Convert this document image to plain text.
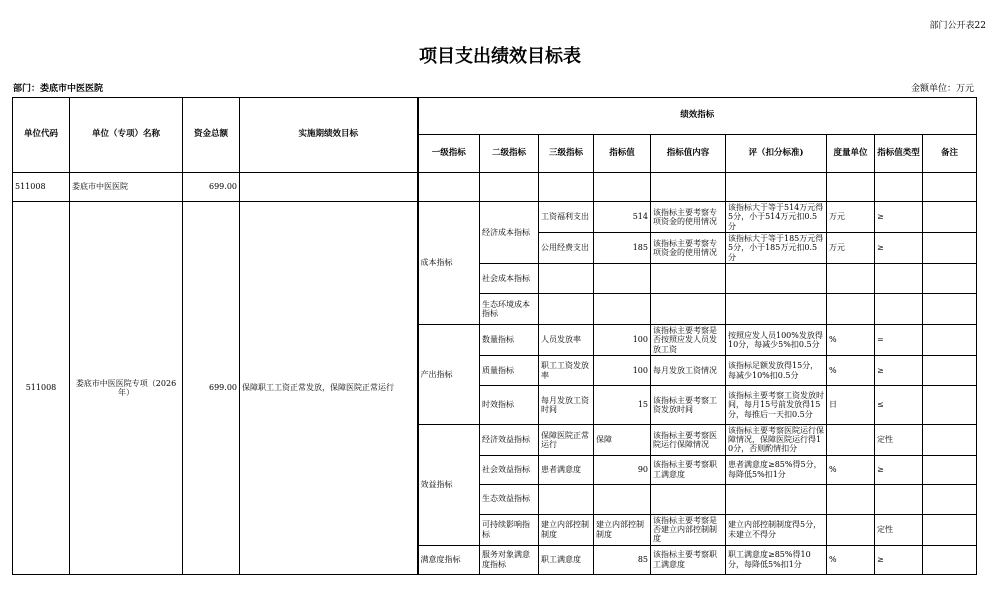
部门公开表22
项目支出绩效目标表
部门：娄底市中医医院	金额单位：万元
单位代码	单位（专项）名称	资金总额	实施期绩效目标	绩效指标								
				一级指标	二级指标	三级指标	指标值	指标值内容	评（扣分标准)	度量单位	指标值类型	备注
511008	娄底市中医医院	699.00										
511008	娄底市中医医院专项（2026年）	699.00	保障职工工资正常发放，保障医院正常运行	成本指标	经济成本指标	工资福利支出	514	该指标主要考察专项资金的使用情况	该指标大于等于514万元得5分，小于514万元扣0.5分	万元	≥	
						公用经费支出	185	该指标主要考察专项资金的使用情况	该指标大于等于185万元得5分，小于185万元扣0.5分	万元	≥	
					社会成本指标							
					生态环境成本指标							
				产出指标	数量指标	人员发放率	100	该指标主要考察是否按照应发人员发放工资	按照应发人员100%发放得10分，每减少5%扣0.5分	%	=	
					质量指标	职工工资发放率	100	每月发放工资情况	该指标足额发放得15分，每减少10%扣0.5分	%	≥	
					时效指标	每月发放工资时间	15	该指标主要考察工资发放时间	该指标主要考察工资发放时间，每月15号前发放得15分，每推后一天扣0.5分	日	≤	
				效益指标	经济效益指标	保障医院正常运行	保障	该指标主要考察医院运行保障情况	该指标主要考察医院运行保障情况，保障医院运行得10分，否则酌情扣分		定性	
					社会效益指标	患者满意度	90	该指标主要考察职工满意度	患者满意度≥85%得5分，每降低5%扣1分	%	≥	
					生态效益指标							
					可持续影响指标	建立内部控制制度	建立内部控制制度	该指标主要考察是否建立内部控制制度	建立内部控制制度得5分，未建立不得分		定性	
				满意度指标	服务对象满意度指标	职工满意度	85	该指标主要考察职工满意度	职工满意度≥85%得10分，每降低5%扣1分	%	≥	
